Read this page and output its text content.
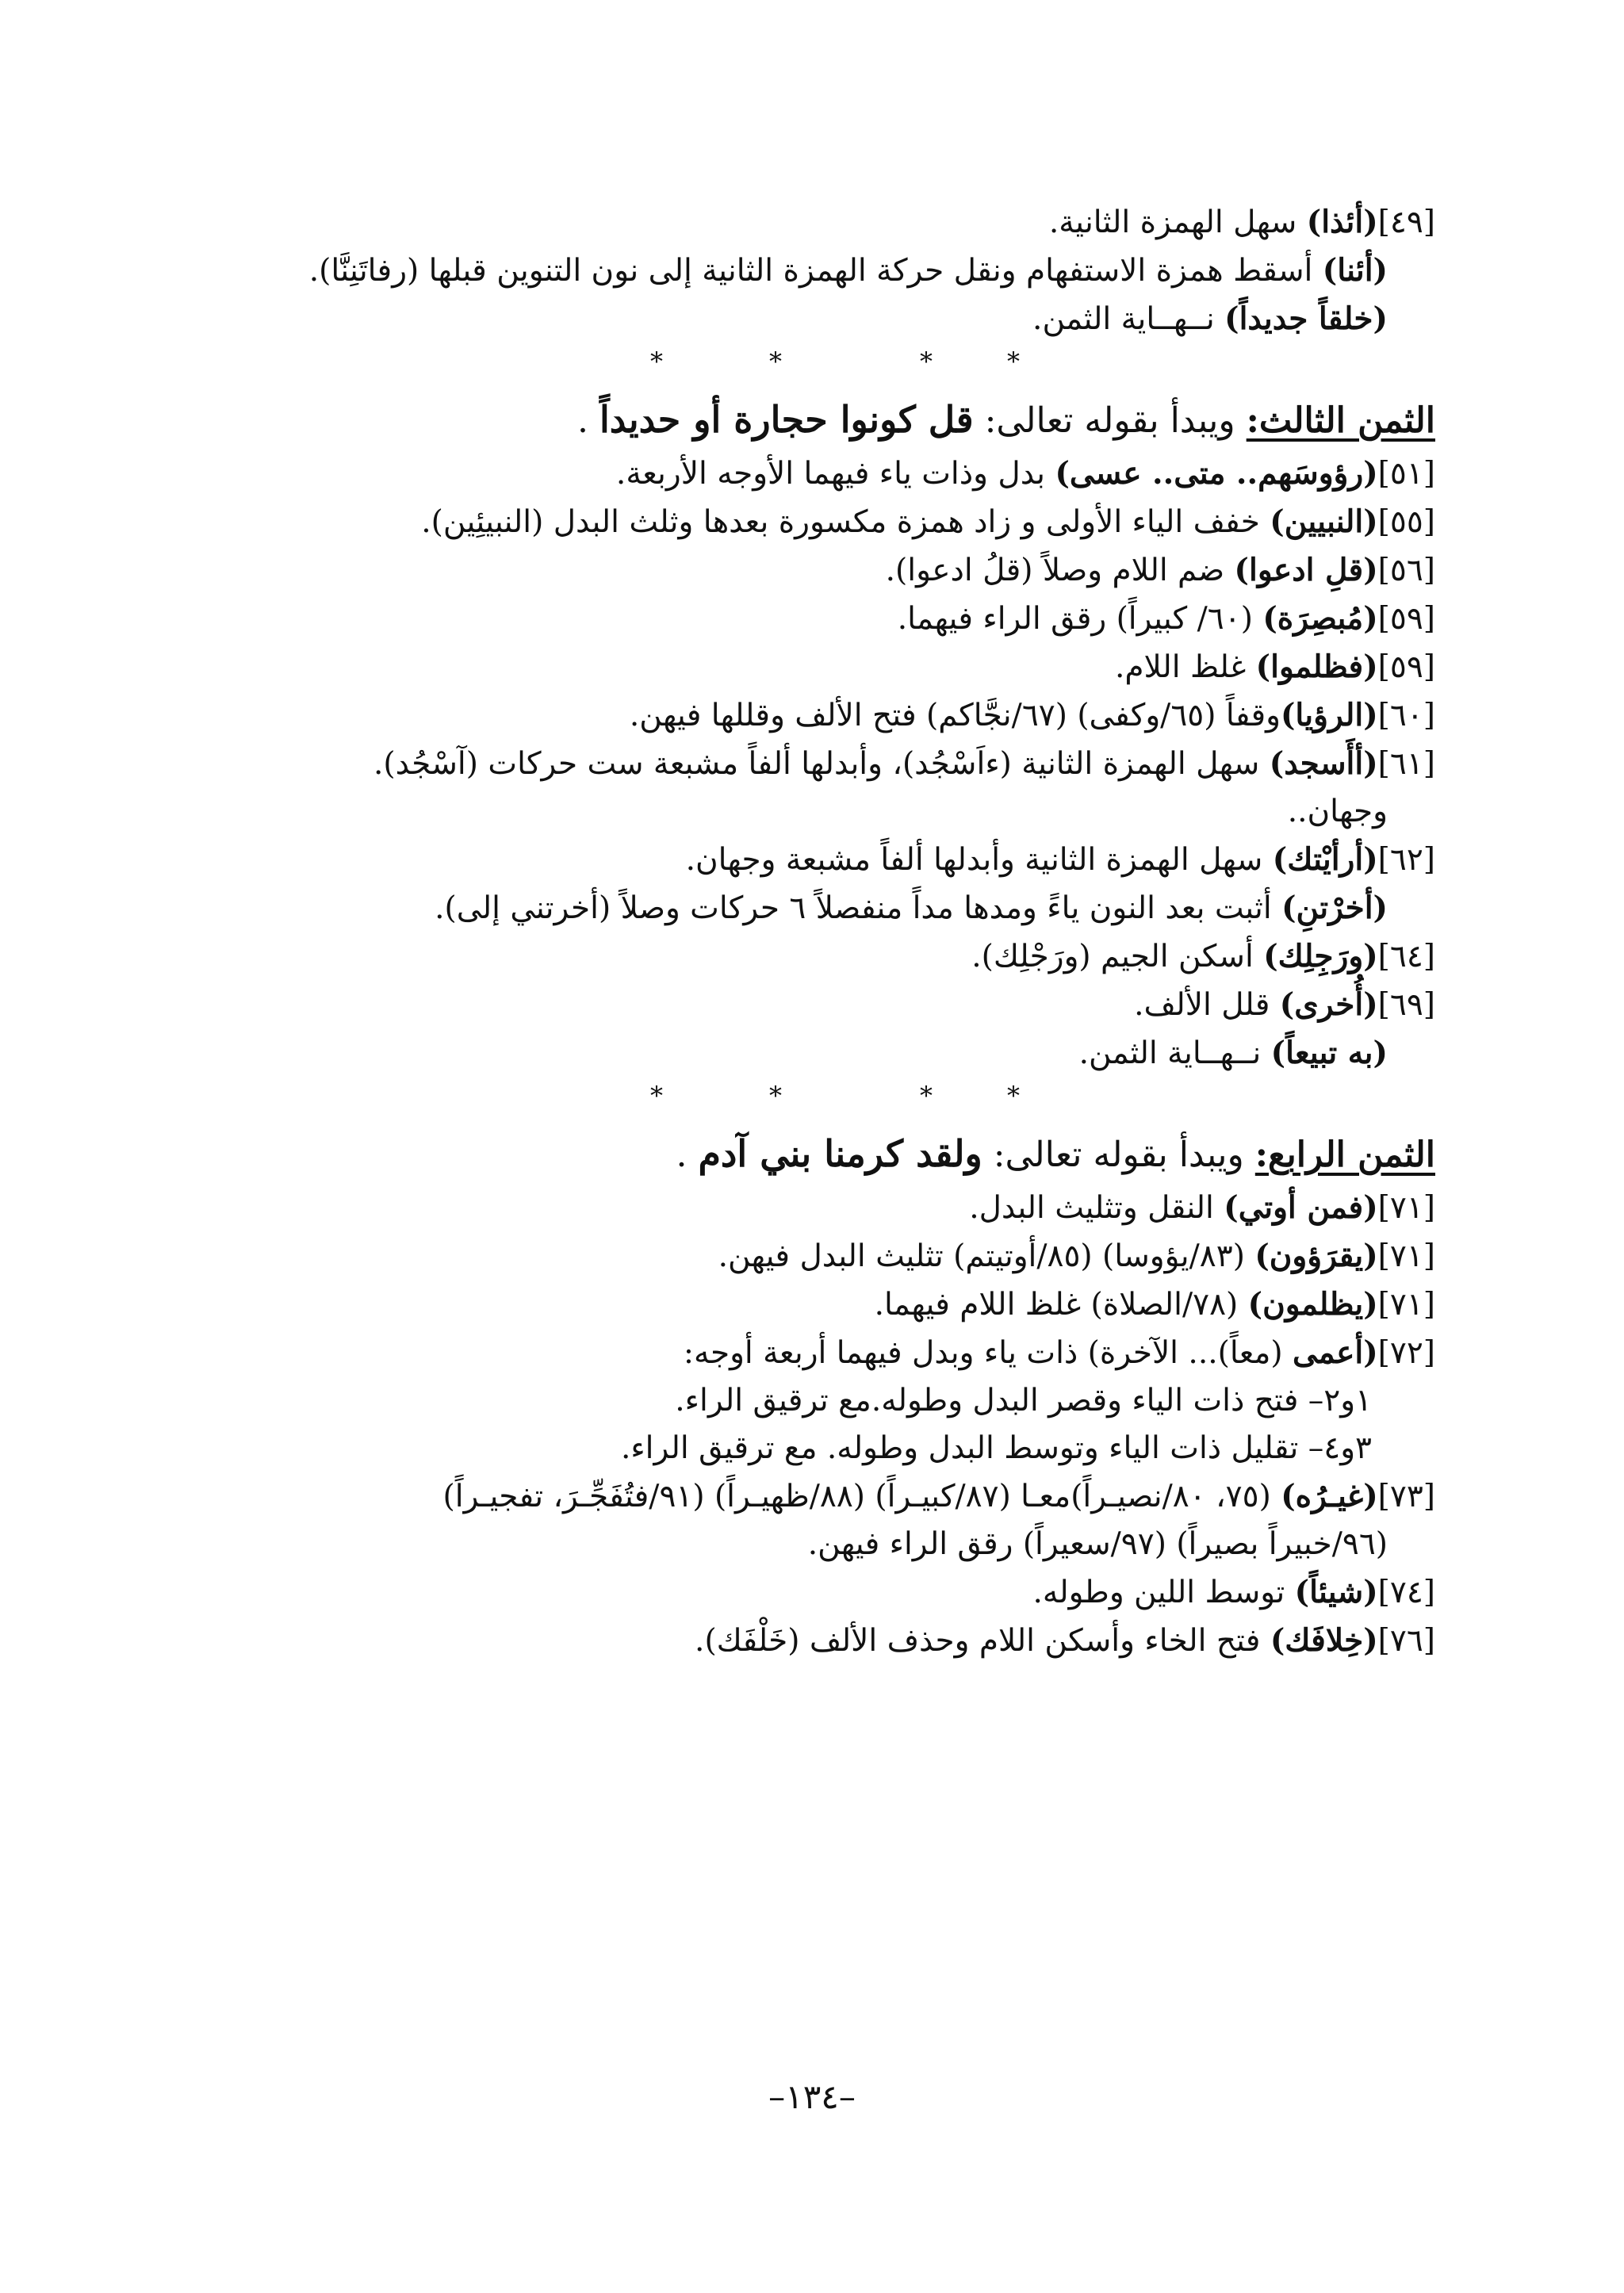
[٤٩](أئذا) سهل الهمزة الثانية.

(أئنا) أسقط همزة الاستفهام ونقل حركة الهمزة الثانية إلى نون التنوين قبلها (رفاتَنِنَّا).

(خلقاً جديداً) نــهــاية الثمن.

*	*	*	*

الثمن الثالث: ويبدأ بقوله تعالى: قل كونوا حجارة أو حديداً .

[٥١](رؤوسَهم.. متى.. عسى) بدل وذات ياء فيهما الأوجه الأربعة.

[٥٥](النبيين) خفف الياء الأولى و زاد همزة مكسورة بعدها وثلث البدل (النبيئِين).

[٥٦](قلِ ادعوا) ضم اللام وصلاً (قلُ ادعوا).

[٥٩](مُبصِرَة) (٦٠/ كبيراً) رقق الراء فيهما.

[٥٩](فظلموا) غلظ اللام.

[٦٠](الرؤيا)وقفاً (٦٥/وكفى) (٦٧/نجَّاكم) فتح الألف وقللها فيهن.

[٦١](أأَسجد) سهل الهمزة الثانية (ءاَسْجُد)، وأبدلها ألفاً مشبعة ست حركات (آسْجُد).

وجهان..

[٦٢](أرأيْتك) سهل الهمزة الثانية وأبدلها ألفاً مشبعة وجهان.

(أخرْتنِ) أثبت بعد النون ياءً ومدها مداً منفصلاً ٦ حركات وصلاً (أخرتني إلى).

[٦٤](ورَجِلِك) أسكن الجيم (ورَجْلِك).

[٦٩](أُخرى) قلل الألف.

(به تبيعاً) نــهــاية الثمن.

*	*	*	*

الثمن الرابع: ويبدأ بقوله تعالى: ولقد كرمنا بني آدم .

[٧١](فمن أوتي) النقل وتثليث البدل.

[٧١](يقرَؤون) (٨٣/يؤوسا) (٨٥/أوتيتم) تثليث البدل فيهن.

[٧١](يظلمون) (٧٨/الصلاة) غلظ اللام فيهما.

[٧٢](أعمى (معاً)... الآخرة) ذات ياء وبدل فيهما أربعة أوجه:

١و٢– فتح ذات الياء وقصر البدل وطوله.مع ترقيق الراء.

٣و٤– تقليل ذات الياء وتوسط البدل وطوله. مع ترقيق الراء.

[٧٣](غيـرُه) (٧٥، ٨٠/نصيـراً)معـا (٨٧/كبيـراً) (٨٨/ظهيـراً) (٩١/فتُفَجِّـرَ، تفجيـراً)

(٩٦/خبيراً بصيراً) (٩٧/سعيراً) رقق الراء فيهن.

[٧٤](شيئاً) توسط اللين وطوله.

[٧٦](خِلافَك) فتح الخاء وأسكن اللام وحذف الألف (خَلْفَك).

–١٣٤–
